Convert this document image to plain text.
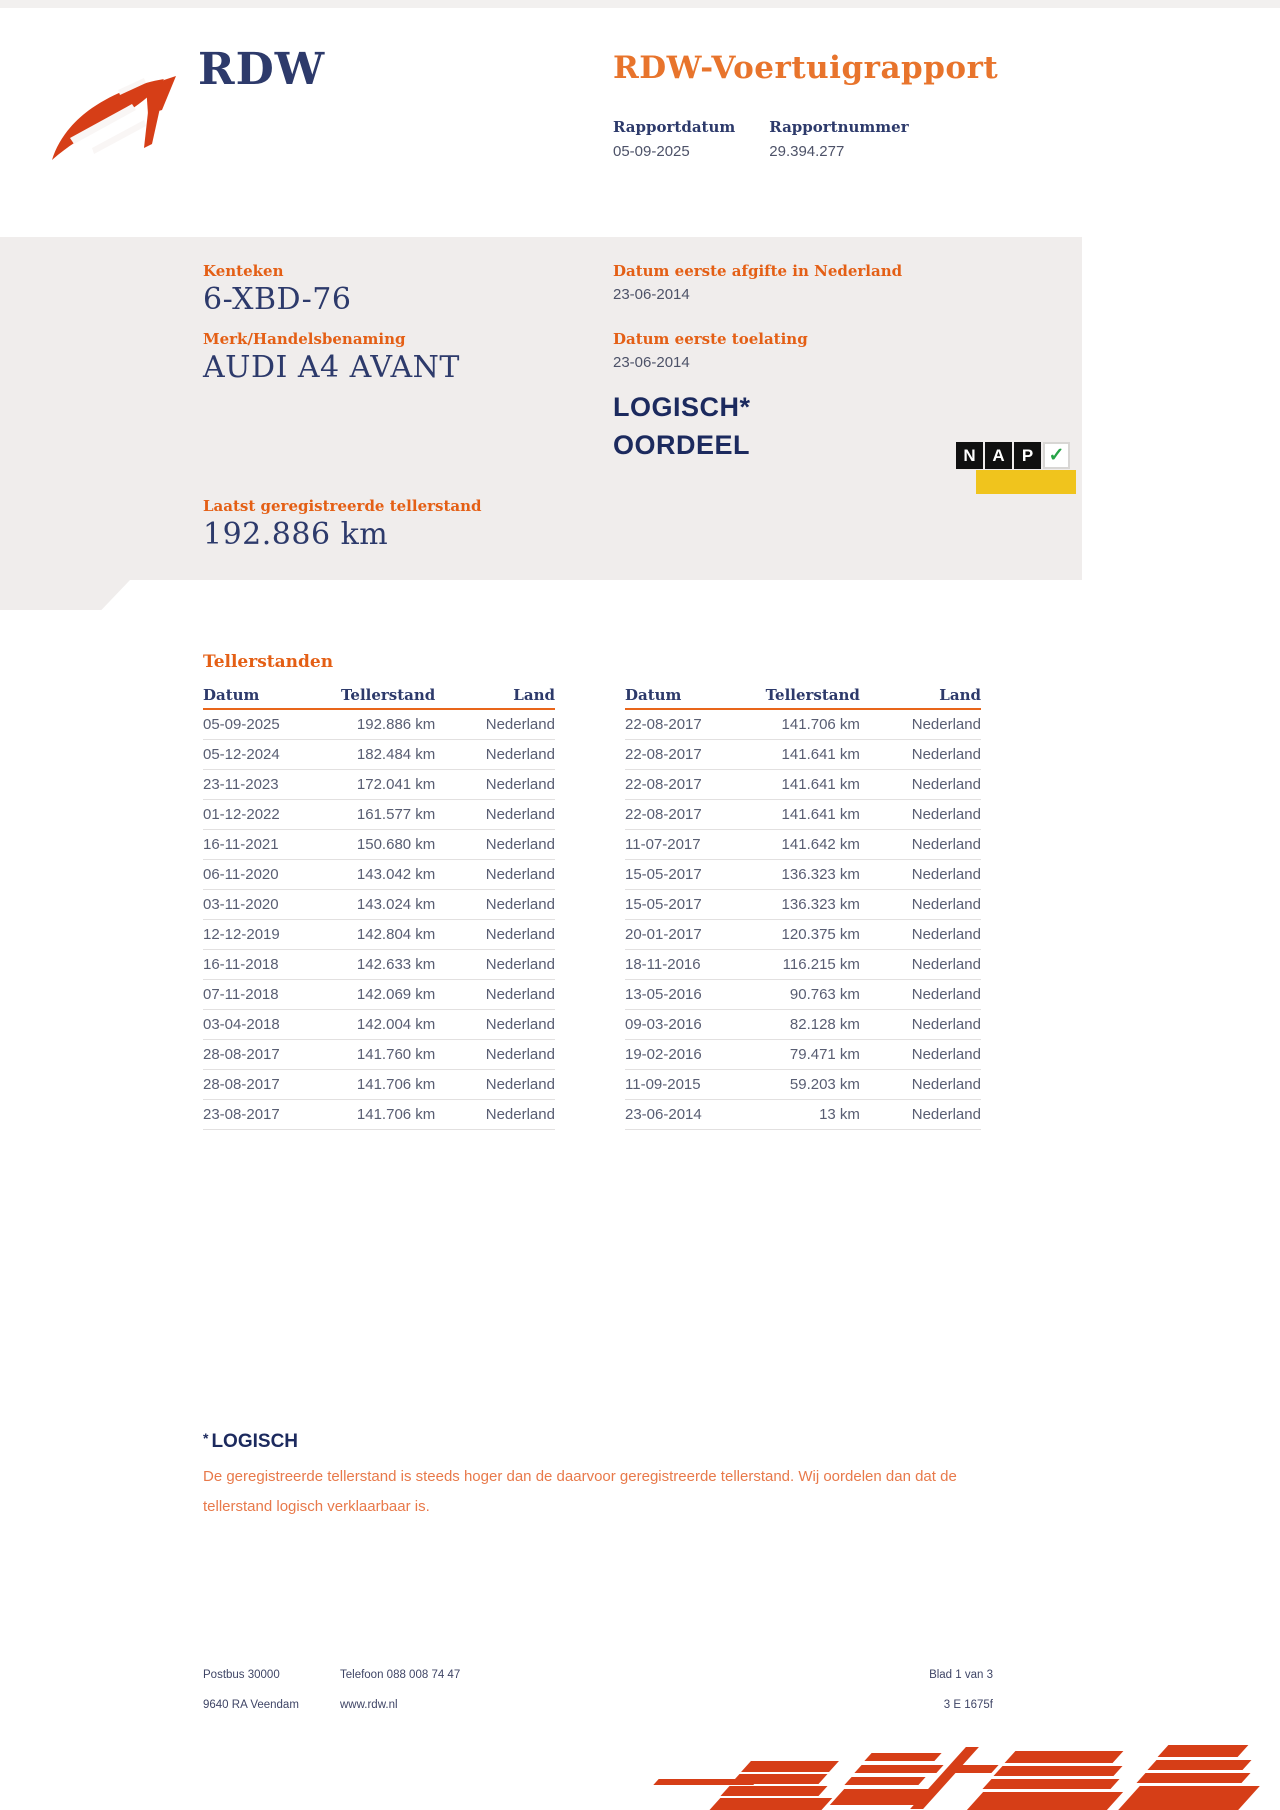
RDW	RDW-Voertuigrapport
Rapportdatum
05-09-2025
Rapportnummer
29.394.277
Kenteken
6-XBD-76
Merk/Handelsbenaming
AUDI A4 AVANT
Datum eerste afgifte in Nederland
23-06-2014
Datum eerste toelating
23-06-2014
LOGISCH*
OORDEEL	N A	P ✓
Laatst geregistreerde tellerstand
192.886 km
Tellerstanden
Datum	Tellerstand	Land
05-09-2025	192.886 km	Nederland
05-12-2024	182.484 km	Nederland
23-11-2023	172.041 km	Nederland
01-12-2022	161.577 km	Nederland
16-11-2021	150.680 km	Nederland
06-11-2020	143.042 km	Nederland
03-11-2020	143.024 km	Nederland
12-12-2019	142.804 km	Nederland
16-11-2018	142.633 km	Nederland
07-11-2018	142.069 km	Nederland
03-04-2018	142.004 km	Nederland
28-08-2017	141.760 km	Nederland
28-08-2017	141.706 km	Nederland
23-08-2017	141.706 km	Nederland
Datum	Tellerstand	Land
22-08-2017	141.706 km	Nederland
22-08-2017	141.641 km	Nederland
22-08-2017	141.641 km	Nederland
22-08-2017	141.641 km	Nederland
11-07-2017	141.642 km	Nederland
15-05-2017	136.323 km	Nederland
15-05-2017	136.323 km	Nederland
20-01-2017	120.375 km	Nederland
18-11-2016	116.215 km	Nederland
13-05-2016	90.763 km	Nederland
09-03-2016	82.128 km	Nederland
19-02-2016	79.471 km	Nederland
11-09-2015	59.203 km	Nederland
23-06-2014	13 km	Nederland
* LOGISCH
De geregistreerde tellerstand is steeds hoger dan de daarvoor geregistreerde tellerstand. Wij oordelen dan dat de tellerstand logisch verklaarbaar is.
Postbus 30000
9640 RA Veendam
Telefoon 088 008 74 47
www.rdw.nl
Blad 1 van 3
3 E 1675f
